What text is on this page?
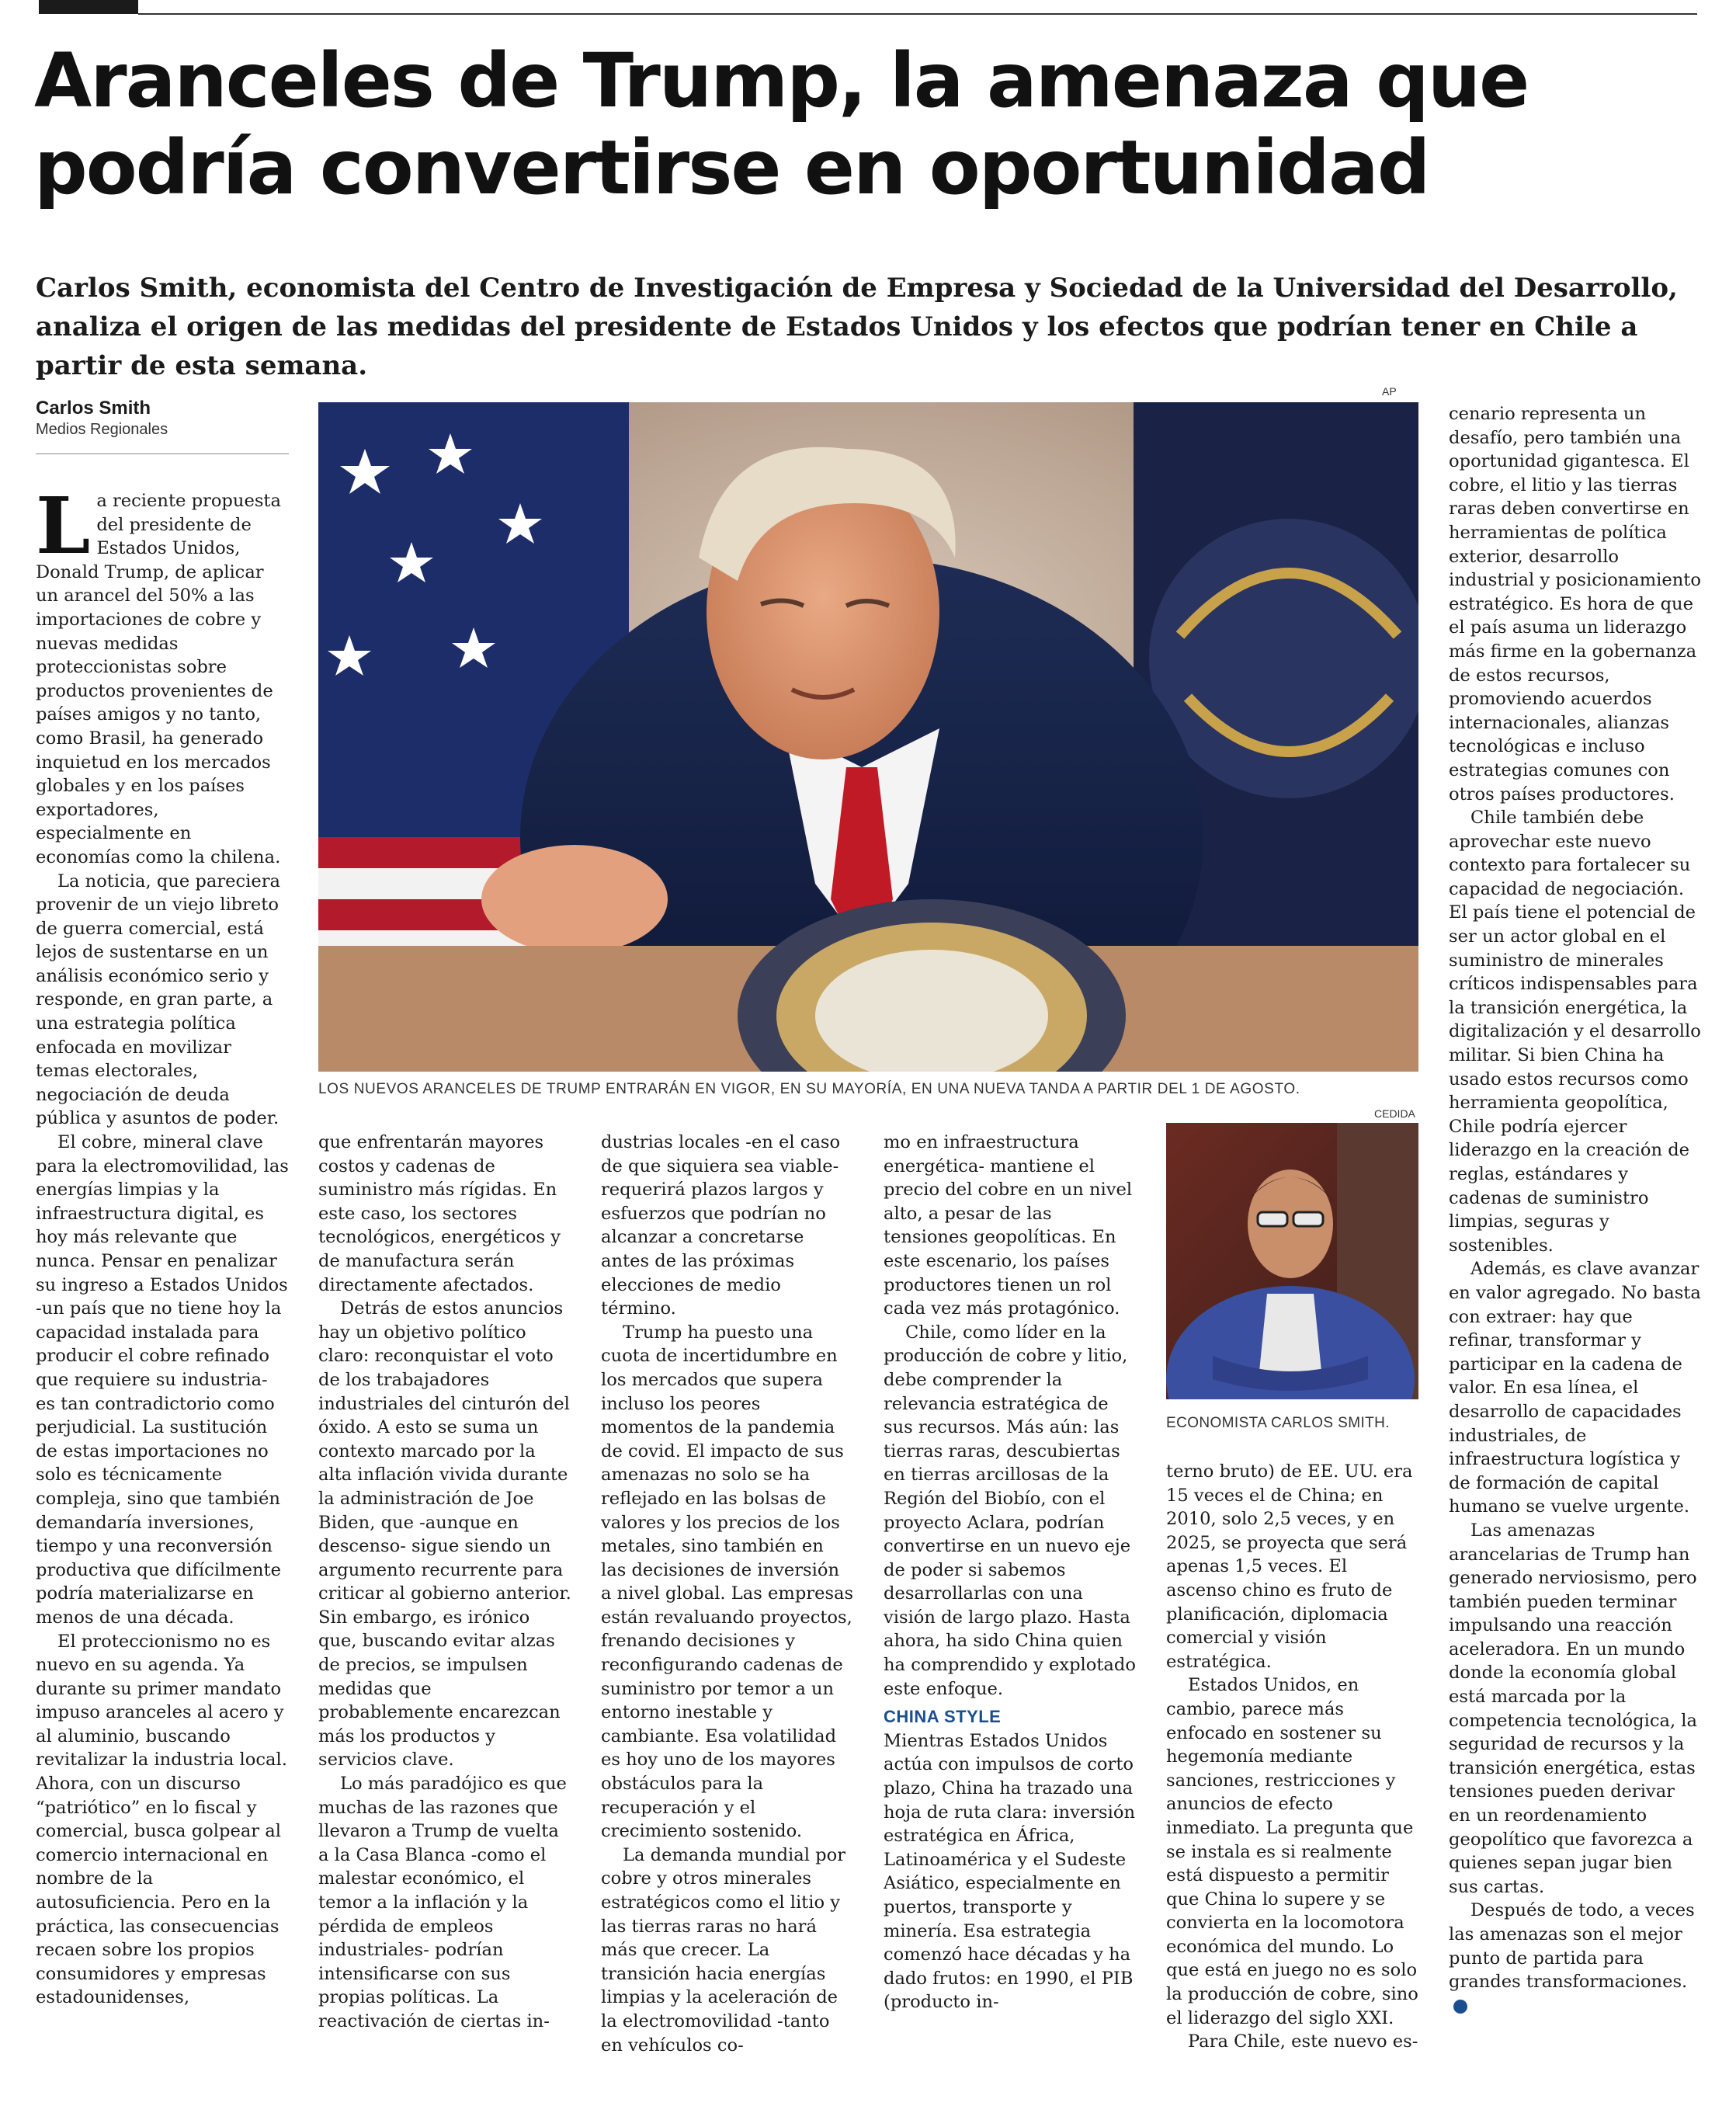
Aranceles de Trump, la amenaza que podría convertirse en oportunidad

Carlos Smith, economista del Centro de Investigación de Empresa y Sociedad de la Universidad del Desarrollo, analiza el origen de las medidas del presidente de Estados Unidos y los efectos que podrían tener en Chile a partir de esta semana.

Carlos Smith
Medios Regionales
AP
LOS NUEVOS ARANCELES DE TRUMP ENTRARÁN EN VIGOR, EN SU MAYORÍA, EN UNA NUEVA TANDA A PARTIR DEL 1 DE AGOSTO.
CEDIDA
ECONOMISTA CARLOS SMITH.

La reciente propuesta del presidente de Estados Unidos, Donald Trump, de aplicar un arancel del 50% a las importaciones de cobre y nuevas medidas proteccionistas sobre productos provenientes de países amigos y no tanto, como Brasil, ha generado inquietud en los mercados globales y en los países exportadores, especialmente en economías como la chilena.

La noticia, que pareciera provenir de un viejo libreto de guerra comercial, está lejos de sustentarse en un análisis económico serio y responde, en gran parte, a una estrategia política enfocada en movilizar temas electorales, negociación de deuda pública y asuntos de poder.

El cobre, mineral clave para la electromovilidad, las energías limpias y la infraestructura digital, es hoy más relevante que nunca. Pensar en penalizar su ingreso a Estados Unidos -un país que no tiene hoy la capacidad instalada para producir el cobre refinado que requiere su industria- es tan contradictorio como perjudicial. La sustitución de estas importaciones no solo es técnicamente compleja, sino que también demandaría inversiones, tiempo y una reconversión productiva que difícilmente podría materializarse en menos de una década.

El proteccionismo no es nuevo en su agenda. Ya durante su primer mandato impuso aranceles al acero y al aluminio, buscando revitalizar la industria local. Ahora, con un discurso “patriótico” en lo fiscal y comercial, busca golpear al comercio internacional en nombre de la autosuficiencia. Pero en la práctica, las consecuencias recaen sobre los propios consumidores y empresas estadounidenses,

que enfrentarán mayores costos y cadenas de suministro más rígidas. En este caso, los sectores tecnológicos, energéticos y de manufactura serán directamente afectados.

Detrás de estos anuncios hay un objetivo político claro: reconquistar el voto de los trabajadores industriales del cinturón del óxido. A esto se suma un contexto marcado por la alta inflación vivida durante la administración de Joe Biden, que -aunque en descenso- sigue siendo un argumento recurrente para criticar al gobierno anterior. Sin embargo, es irónico que, buscando evitar alzas de precios, se impulsen medidas que probablemente encarezcan más los productos y servicios clave.

Lo más paradójico es que muchas de las razones que llevaron a Trump de vuelta a la Casa Blanca -como el malestar económico, el temor a la inflación y la pérdida de empleos industriales- podrían intensificarse con sus propias políticas. La reactivación de ciertas in-

dustrias locales -en el caso de que siquiera sea viable- requerirá plazos largos y esfuerzos que podrían no alcanzar a concretarse antes de las próximas elecciones de medio término.

Trump ha puesto una cuota de incertidumbre en los mercados que supera incluso los peores momentos de la pandemia de covid. El impacto de sus amenazas no solo se ha reflejado en las bolsas de valores y los precios de los metales, sino también en las decisiones de inversión a nivel global. Las empresas están revaluando proyectos, frenando decisiones y reconfigurando cadenas de suministro por temor a un entorno inestable y cambiante. Esa volatilidad es hoy uno de los mayores obstáculos para la recuperación y el crecimiento sostenido.

La demanda mundial por cobre y otros minerales estratégicos como el litio y las tierras raras no hará más que crecer. La transición hacia energías limpias y la aceleración de la electromovilidad -tanto en vehículos co-

mo en infraestructura energética- mantiene el precio del cobre en un nivel alto, a pesar de las tensiones geopolíticas. En este escenario, los países productores tienen un rol cada vez más protagónico.

Chile, como líder en la producción de cobre y litio, debe comprender la relevancia estratégica de sus recursos. Más aún: las tierras raras, descubiertas en tierras arcillosas de la Región del Biobío, con el proyecto Aclara, podrían convertirse en un nuevo eje de poder si sabemos desarrollarlas con una visión de largo plazo. Hasta ahora, ha sido China quien ha comprendido y explotado este enfoque.

CHINA STYLE

Mientras Estados Unidos actúa con impulsos de corto plazo, China ha trazado una hoja de ruta clara: inversión estratégica en África, Latinoamérica y el Sudeste Asiático, especialmente en puertos, transporte y minería. Esa estrategia comenzó hace décadas y ha dado frutos: en 1990, el PIB (producto in-

terno bruto) de EE. UU. era 15 veces el de China; en 2010, solo 2,5 veces, y en 2025, se proyecta que será apenas 1,5 veces. El ascenso chino es fruto de planificación, diplomacia comercial y visión estratégica.

Estados Unidos, en cambio, parece más enfocado en sostener su hegemonía mediante sanciones, restricciones y anuncios de efecto inmediato. La pregunta que se instala es si realmente está dispuesto a permitir que China lo supere y se convierta en la locomotora económica del mundo. Lo que está en juego no es solo la producción de cobre, sino el liderazgo del siglo XXI.

Para Chile, este nuevo es-

cenario representa un desafío, pero también una oportunidad gigantesca. El cobre, el litio y las tierras raras deben convertirse en herramientas de política exterior, desarrollo industrial y posicionamiento estratégico. Es hora de que el país asuma un liderazgo más firme en la gobernanza de estos recursos, promoviendo acuerdos internacionales, alianzas tecnológicas e incluso estrategias comunes con otros países productores.

Chile también debe aprovechar este nuevo contexto para fortalecer su capacidad de negociación. El país tiene el potencial de ser un actor global en el suministro de minerales críticos indispensables para la transición energética, la digitalización y el desarrollo militar. Si bien China ha usado estos recursos como herramienta geopolítica, Chile podría ejercer liderazgo en la creación de reglas, estándares y cadenas de suministro limpias, seguras y sostenibles.

Además, es clave avanzar en valor agregado. No basta con extraer: hay que refinar, transformar y participar en la cadena de valor. En esa línea, el desarrollo de capacidades industriales, de infraestructura logística y de formación de capital humano se vuelve urgente.

Las amenazas arancelarias de Trump han generado nerviosismo, pero también pueden terminar impulsando una reacción aceleradora. En un mundo donde la economía global está marcada por la competencia tecnológica, la seguridad de recursos y la transición energética, estas tensiones pueden derivar en un reordenamiento geopolítico que favorezca a quienes sepan jugar bien sus cartas.

Después de todo, a veces las amenazas son el mejor punto de partida para grandes transformaciones.✪
